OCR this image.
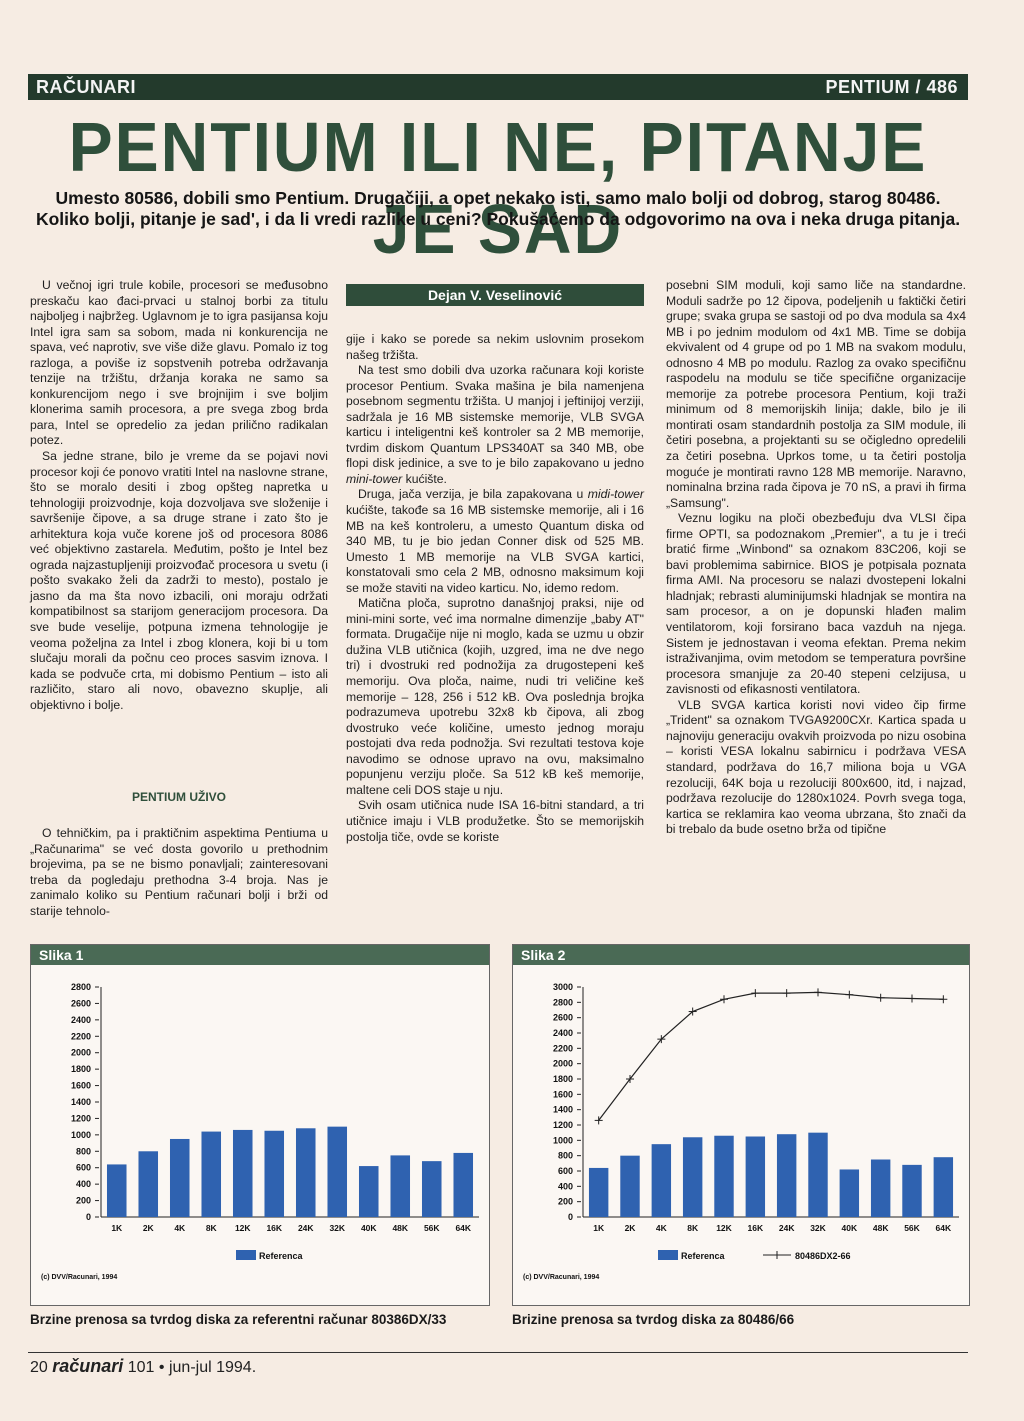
RAČUNARI	PENTIUM / 486
PENTIUM ILI NE, PITANJE JE SAD
Umesto 80586, dobili smo Pentium. Drugačiji, a opet nekako isti, samo malo bolji od dobrog, starog 80486. Koliko bolji, pitanje je sad', i da li vredi razlike u ceni? Pokušaćemo da odgovorimo na ova i neka druga pitanja.

U večnoj igri trule kobile, procesori se međusobno preskaču kao đaci-prvaci u stalnoj borbi za titulu najboljeg i najbržeg. Uglavnom je to igra pasijansa koju Intel igra sam sa sobom, mada ni konkurencija ne spava, već naprotiv, sve više diže glavu. Pomalo iz tog razloga, a poviše iz sopstvenih potreba održavanja tenzije na tržištu, držanja koraka ne samo sa konkurencijom nego i sve brojnijim i sve boljim klonerima samih procesora, a pre svega zbog brda para, Intel se opredelio za jedan prilično radikalan potez.

Sa jedne strane, bilo je vreme da se pojavi novi procesor koji će ponovo vratiti Intel na naslovne strane, što se moralo desiti i zbog opšteg napretka u tehnologiji proizvodnje, koja dozvoljava sve složenije i savršenije čipove, a sa druge strane i zato što je arhitektura koja vuče korene još od procesora 8086 već objektivno zastarela. Međutim, pošto je Intel bez ograda najzastupljeniji proizvođač procesora u svetu (i pošto svakako želi da zadrži to mesto), postalo je jasno da ma šta novo izbacili, oni moraju održati kompatibilnost sa starijom generacijom procesora. Da sve bude veselije, potpuna izmena tehnologije je veoma poželjna za Intel i zbog klonera, koji bi u tom slučaju morali da počnu ceo proces sasvim iznova. I kada se podvuče crta, mi dobismo Pentium – isto ali različito, staro ali novo, obavezno skuplje, ali objektivno i bolje.

PENTIUM UŽIVO

O tehničkim, pa i praktičnim aspektima Pentiuma u „Računarima" se već dosta govorilo u prethodnim brojevima, pa se ne bismo ponavljali; zainteresovani treba da pogledaju prethodna 3-4 broja. Nas je zanimalo koliko su Pentium računari bolji i brži od starije tehnolo-

Dejan V. Veselinović

gije i kako se porede sa nekim uslovnim prosekom našeg tržišta.

Na test smo dobili dva uzorka računara koji koriste procesor Pentium. Svaka mašina je bila namenjena posebnom segmentu tržišta. U manjoj i jeftinijoj verziji, sadržala je 16 MB sistemske memorije, VLB SVGA karticu i inteligentni keš kontroler sa 2 MB memorije, tvrdim diskom Quantum LPS340AT sa 340 MB, obe flopi disk jedinice, a sve to je bilo zapakovano u jedno mini-tower kućište.

Druga, jača verzija, je bila zapakovana u midi-tower kućište, takođe sa 16 MB sistemske memorije, ali i 16 MB na keš kontroleru, a umesto Quantum diska od 340 MB, tu je bio jedan Conner disk od 525 MB. Umesto 1 MB memorije na VLB SVGA kartici, konstatovali smo cela 2 MB, odnosno maksimum koji se može staviti na video karticu. No, idemo redom.

Matična ploča, suprotno današnjoj praksi, nije od mini-mini sorte, već ima normalne dimenzije „baby AT" formata. Drugačije nije ni moglo, kada se uzmu u obzir dužina VLB utičnica (kojih, uzgred, ima ne dve nego tri) i dvostruki red podnožija za drugostepeni keš memoriju. Ova ploča, naime, nudi tri veličine keš memorije – 128, 256 i 512 kB. Ova poslednja brojka podrazumeva upotrebu 32x8 kb čipova, ali zbog dvostruko veće količine, umesto jednog moraju postojati dva reda podnožja. Svi rezultati testova koje navodimo se odnose upravo na ovu, maksimalno popunjenu verziju ploče. Sa 512 kB keš memorije, maltene celi DOS staje u nju.

Svih osam utičnica nude ISA 16-bitni standard, a tri utičnice imaju i VLB produžetke. Što se memorijskih postolja tiče, ovde se koriste

posebni SIM moduli, koji samo liče na standardne. Moduli sadrže po 12 čipova, podeljenih u faktički četiri grupe; svaka grupa se sastoji od po dva modula sa 4x4 MB i po jednim modulom od 4x1 MB. Time se dobija ekvivalent od 4 grupe od po 1 MB na svakom modulu, odnosno 4 MB po modulu. Razlog za ovako specifičnu raspodelu na modulu se tiče specifične organizacije memorije za potrebe procesora Pentium, koji traži minimum od 8 memorijskih linija; dakle, bilo je ili montirati osam standardnih postolja za SIM module, ili četiri posebna, a projektanti su se očigledno opredelili za četiri posebna. Uprkos tome, u ta četiri postolja moguće je montirati ravno 128 MB memorije. Naravno, nominalna brzina rada čipova je 70 nS, a pravi ih firma „Samsung".

Veznu logiku na ploči obezbeđuju dva VLSI čipa firme OPTI, sa podoznakom „Premier", a tu je i treći bratić firme „Winbond" sa oznakom 83C206, koji se bavi problemima sabirnice. BIOS je potpisala poznata firma AMI. Na procesoru se nalazi dvostepeni lokalni hladnjak; rebrasti aluminijumski hladnjak se montira na sam procesor, a on je dopunski hlađen malim ventilatorom, koji forsirano baca vazduh na njega. Sistem je jednostavan i veoma efektan. Prema nekim istraživanjima, ovim metodom se temperatura površine procesora smanjuje za 20-40 stepeni celzijusa, u zavisnosti od efikasnosti ventilatora.

VLB SVGA kartica koristi novi video čip firme „Trident" sa oznakom TVGA9200CXr. Kartica spada u najnoviju generaciju ovakvih proizvoda po nizu osobina – koristi VESA lokalnu sabirnicu i podržava VESA standard, podržava do 16,7 miliona boja u VGA rezoluciji, 64K boja u rezoluciji 800x600, itd, i najzad, podržava rezolucije do 1280x1024. Povrh svega toga, kartica se reklamira kao veoma ubrzana, što znači da bi trebalo da bude osetno brža od tipične

Slika 1
2800
2600
2400
2200
2000
1800
1600
1400
1200
1000
800
600
400
200
0
1K 2K 4K 8K 12K 16K 24K 32K 40K 48K 56K 64K
Referenca
(c) DVV/Racunari, 1994
Brzine prenosa sa tvrdog diska za referentni računar 80386DX/33
Slika 2
3000
2800
2600
2400
2200
2000
1800
1600
1400
1200
1000
800
600
400
200
0
1K 2K 4K 8K 12K 16K 24K 32K 40K 48K 56K 64K
Referenca	80486DX2-66
(c) DVV/Racunari, 1994
Brizine prenosa sa tvrdog diska za 80486/66
20 računari 101 • jun-jul 1994.
